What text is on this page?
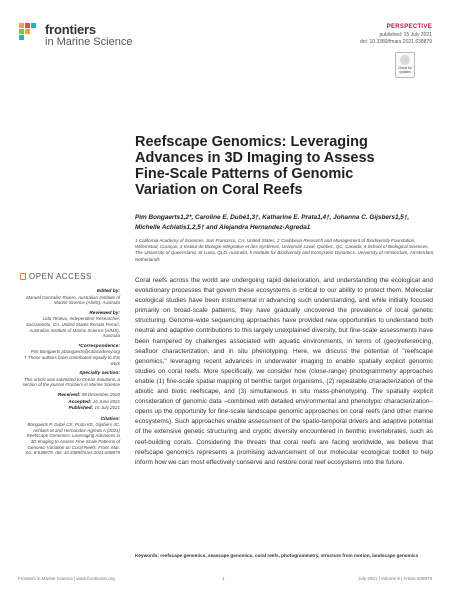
frontiers
in Marine Science
PERSPECTIVE
published: 15 July 2021
doi: 10.3389/fmars.2021.638879
Check for updates
Reefscape Genomics: Leveraging Advances in 3D Imaging to Assess Fine-Scale Patterns of Genomic Variation on Coral Reefs
Pim Bongaerts1,2*, Caroline E. Dubé1,3†, Katharine E. Prata1,4†, Johanna C. Gijsbers1,5†, Michelle Achlatis1,2,5† and Alejandra Hernandez-Agreda1
1 California Academy of Sciences, San Francisco, CA, United States, 2 Caribbean Research and Management of Biodiversity Foundation, Willemstad, Curaçao, 3 Institut de Biologie Intégrative et des Systèmes, Université Laval, Québec, QC, Canada, 4 School of Biological Sciences, The University of Queensland, St Lucia, QLD, Australia, 5 Institute for Biodiversity and Ecosystem Dynamics, University of Amsterdam, Amsterdam, Netherlands
OPEN ACCESS
Edited by:
Manuel Gonzalez-Rivero, Australian Institute of Marine Science (AIMS), Australia
Reviewed by:
Lida Teneva, Independent Researcher, Sacramento, CA, United States Renata Ferrari, Australian Institute of Marine Science (AIMS), Australia
*Correspondence:
Pim Bongaerts pbongaerts@calacademy.org
† These authors have contributed equally to this work
Specialty section:
This article was submitted to Ocean Solutions, a section of the journal Frontiers in Marine Science
Received: 08 December 2020
Accepted: 16 June 2021
Published: 15 July 2021
Citation:
Bongaerts P, Dubé CE, Prata KE, Gijsbers JC, Achlatis M and Hernandez-Agreda A (2021) Reefscape Genomics: Leveraging Advances in 3D Imaging to Assess Fine-Scale Patterns of Genomic Variation on Coral Reefs. Front. Mar. Sci. 8:638879. doi: 10.3389/fmars.2021.638879
Coral reefs across the world are undergoing rapid deterioration, and understanding the ecological and evolutionary processes that govern these ecosystems is critical to our ability to protect them. Molecular ecological studies have been instrumental in advancing such understanding, and while initially focused primarily on broad-scale patterns, they have gradually uncovered the prevalence of local genetic structuring. Genome-wide sequencing approaches have provided new opportunities to understand both neutral and adaptive contributions to this largely unexplained diversity, but fine-scale assessments have been hampered by challenges associated with aquatic environments, in terms of (geo)referencing, seafloor characterization, and in situ phenotyping. Here, we discuss the potential of "reefscape genomics," leveraging recent advances in underwater imaging to enable spatially explicit genomic studies on coral reefs. More specifically, we consider how (close-range) photogrammetry approaches enable (1) fine-scale spatial mapping of benthic target organisms, (2) repeatable characterization of the abiotic and biotic reefscape, and (3) simultaneous in situ mass-phenotyping. The spatially explicit consideration of genomic data –combined with detailed environmental and phenotypic characterization– opens up the opportunity for fine-scale landscape genomic approaches on coral reefs (and other marine ecosystems). Such approaches enable assessment of the spatio-temporal drivers and adaptive potential of the extensive genetic structuring and cryptic diversity encountered in benthic invertebrates, such as reef-building corals. Considering the threats that coral reefs are facing worldwide, we believe that reefscape genomics represents a promising advancement of our molecular ecological toolkit to help inform how we can most effectively conserve and restore coral reef ecosystems into the future.
Keywords: reefscape genomics, seascape genomics, coral reefs, photogrammetry, structure from motion, landscape genomics
Frontiers in Marine Science | www.frontiersin.org	1	July 2021 | Volume 8 | Article 638879
